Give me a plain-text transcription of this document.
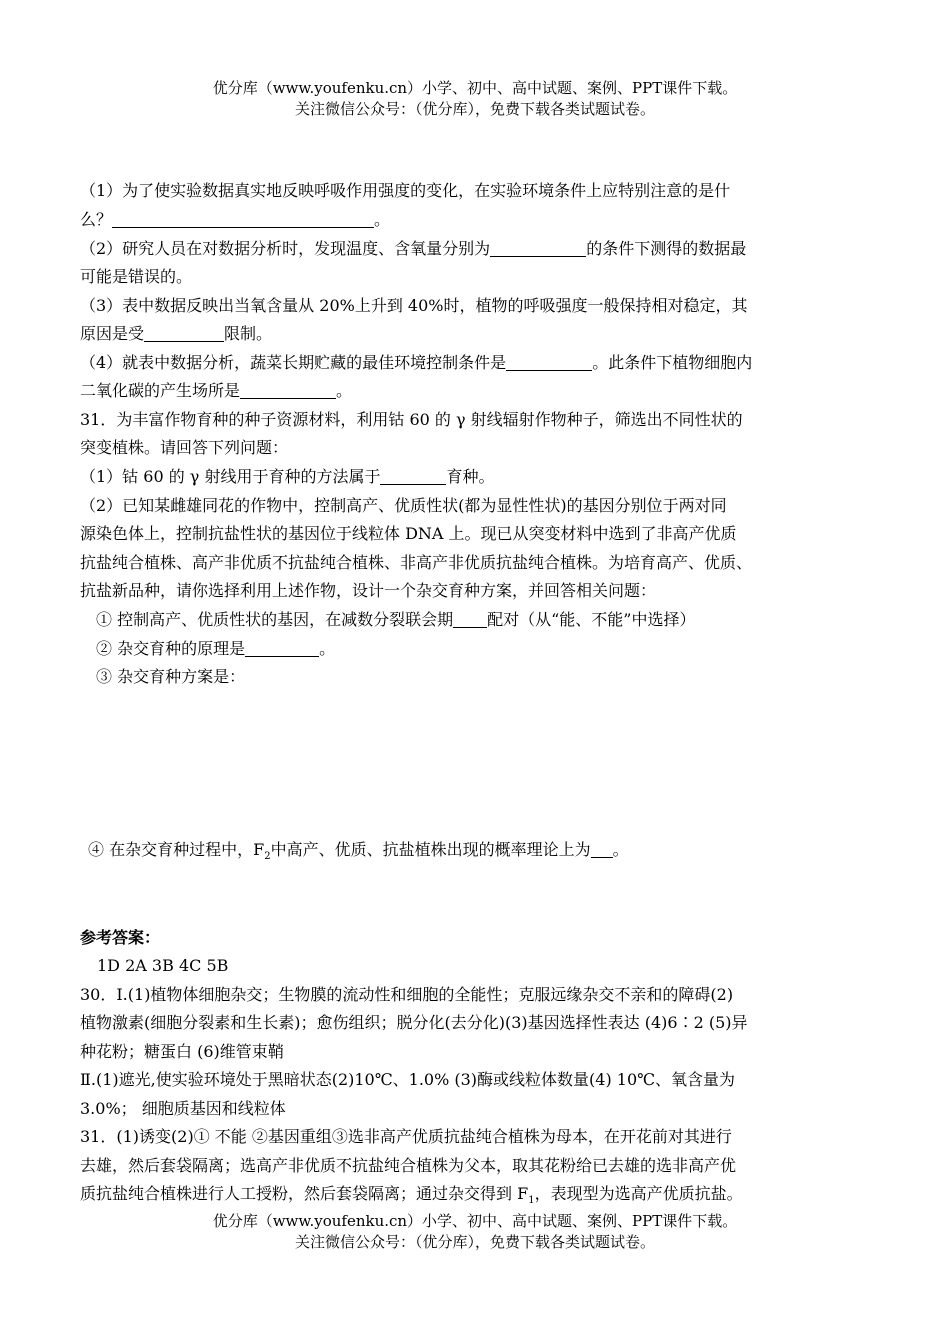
优分库（www.youfenku.cn）小学、初中、高中试题、案例、PPT课件下载。
关注微信公众号：（优分库），免费下载各类试题试卷。
（1）为了使实验数据真实地反映呼吸作用强度的变化，在实验环境条件上应特别注意的是什
么？	。
（2）研究人员在对数据分析时，发现温度、含氧量分别为	的条件下测得的数据最
可能是错误的。
（3）表中数据反映出当氧含量从 20%上升到 40%时，植物的呼吸强度一般保持相对稳定，其
原因是受	限制。
（4）就表中数据分析，蔬菜长期贮藏的最佳环境控制条件是	。此条件下植物细胞内
二氧化碳的产生场所是	。
31．为丰富作物育种的种子资源材料，利用钴 60 的 γ 射线辐射作物种子，筛选出不同性状的
突变植株。请回答下列问题：
（1）钴 60 的 γ 射线用于育种的方法属于	育种。
（2）已知某雌雄同花的作物中，控制高产、优质性状(都为显性性状)的基因分别位于两对同
源染色体上，控制抗盐性状的基因位于线粒体 DNA 上。现已从突变材料中选到了非高产优质
抗盐纯合植株、高产非优质不抗盐纯合植株、非高产非优质抗盐纯合植株。为培育高产、优质、
抗盐新品种，请你选择利用上述作物，设计一个杂交育种方案，并回答相关问题：
① 控制高产、优质性状的基因，在减数分裂联会期 配对（从“能、不能”中选择）
② 杂交育种的原理是	。
③ 杂交育种方案是：
④ 在杂交育种过程中，$F_2$中高产、优质、抗盐植株出现的概率理论上为 。
参考答案：
1D 2A 3B 4C 5B
30．Ⅰ.(1)植物体细胞杂交；生物膜的流动性和细胞的全能性；克服远缘杂交不亲和的障碍(2)
植物激素(细胞分裂素和生长素)；愈伤组织；脱分化(去分化)(3)基因选择性表达 (4)6∶2 (5)异
种花粉；糖蛋白 (6)维管束鞘
Ⅱ.(1)遮光,使实验环境处于黑暗状态(2)10℃、1.0% (3)酶或线粒体数量(4) 10℃、氧含量为
3.0%； 细胞质基因和线粒体
31．(1)诱变(2)① 不能 ②基因重组③选非高产优质抗盐纯合植株为母本，在开花前对其进行
去雄，然后套袋隔离；选高产非优质不抗盐纯合植株为父本，取其花粉给已去雄的选非高产优
质抗盐纯合植株进行人工授粉，然后套袋隔离；通过杂交得到 $F_1$，表现型为选高产优质抗盐。
优分库（www.youfenku.cn）小学、初中、高中试题、案例、PPT课件下载。
关注微信公众号：（优分库），免费下载各类试题试卷。
